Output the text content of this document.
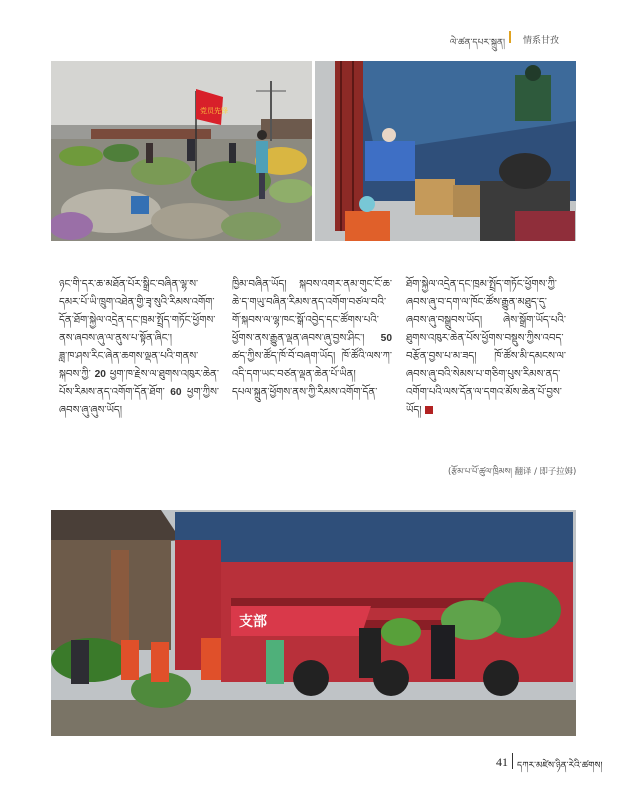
ལེ་ཚན་དཔར་སྐྲུན། 情系甘孜
党员先锋

ཉང་གི་དར་ཆ་མཐོན་པོར་སྒྲིང་བཞིན་ལྷ་ས་དམར་པོ་ཡི་ཁྲུག་འཐེན་གྱི་ཟྭ་སུའི་རིམས་འགོག་དོན་ཐོག་སྐྱེལ་འདྲེན་དང་ཁྲམ་སྤྲོད་གཏོང་ཕྱོགས་ནས་ཞབས་ཞུ་ལ་ནུས་པ་སྟོན་ཞིང་།

ཟླ་ཁ་ཤས་རིང་ཞེན་ཆགས་ལྡན་པའི་གནས་སྐབས་ཀྱི་ 20 ཕྱག་ཁ་རྗེས་ལ་ཐུགས་འཁུར་ཆེན་པོས་རིམས་ནད་འགོག་དོན་ཐོག་ 60 ཕྱག་ཀྱིས་ཞབས་ཞུ་ཞུས་ཡོད།

ཁྱིམ་བཞིན་ཡོད། སྐབས་འགར་ནམ་གུང་ངོ་ཆ་ཆེ་ད་གཡུ་བཞིན་རིམས་ནད་འགོག་བཙལ་བའི་གོ་སྐབས་ལ་ལྷ་ཁང་སྒོ་འབྱེད་དང་ཚོགས་པའི་ཕྱོགས་ནས་རྒྱུན་ལྡན་ཞབས་ཞུ་བྱས་ཤིང་། 50 ཚད་ཀྱིས་ཚོད་ཁོ་བོ་བཞག་ཡོད། ཁོ་ཚོའི་ལས་ཀ་འདི་དག་ཡང་བཙན་ལྡན་ཆེན་པོ་ཡིན།

དཔལ་སྐྲུན་ཕྱོགས་ནས་ཀྱི་རིམས་འགོག་དོན་

ཐོག་སྐྱེལ་འདྲེན་དང་ཁྲམ་སྤྲོད་གཏོང་ཕྱོགས་ཀྱི་ཞབས་ཞུ་བ་དག་ལ་ཁོང་ཚོས་རྒྱུན་མཐུད་དུ་ཞབས་ཞུ་བསྒྲུབས་ཡོད། ཞེས་སྒྲོག་ཡོད་པའི་ཐུགས་འཁུར་ཆེན་པོས་ཕྱོགས་བསྡུས་ཀྱིས་འབད་བརྩོན་བྱས་པ་མ་ཟད། ཁོ་ཚོས་མི་དམངས་ལ་ཞབས་ཞུ་བའི་སེམས་པ་གཅིག་པུས་རིམས་ནད་འགོག་པའི་ལས་དོན་ལ་དགའ་མོས་ཆེན་པོ་བྱས་ཡོད།

(རྩོམ་པ་པོ་ཚུལ་ཁྲིམས། 翻译 / 即子拉姆)
支部
41 དཀར་མཛེས་ཉིན་རེའི་ཚགས།
